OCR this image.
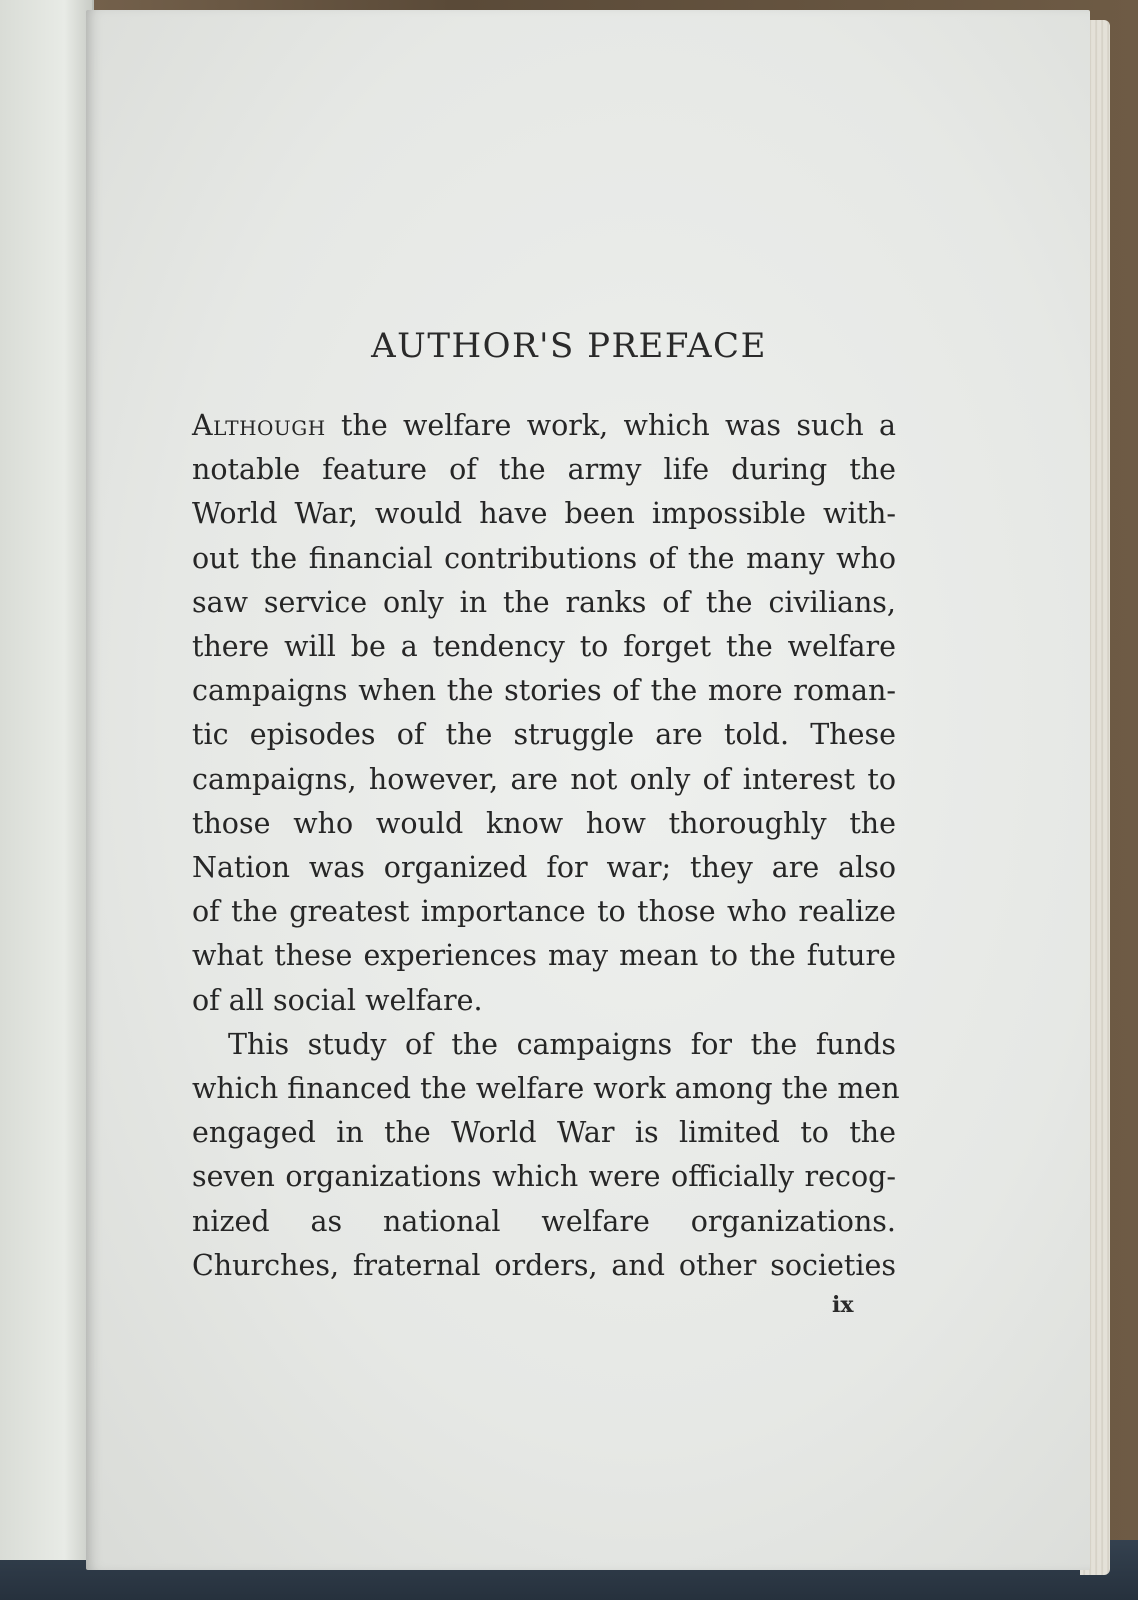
AUTHOR'S PREFACE

Although the welfare work, which was such a
notable feature of the army life during the
World War, would have been impossible with-
out the financial contributions of the many who
saw service only in the ranks of the civilians,
there will be a tendency to forget the welfare
campaigns when the stories of the more roman-
tic episodes of the struggle are told. These
campaigns, however, are not only of interest to
those who would know how thoroughly the
Nation was organized for war; they are also
of the greatest importance to those who realize
what these experiences may mean to the future
of all social welfare.

This study of the campaigns for the funds
which financed the welfare work among the men
engaged in the World War is limited to the
seven organizations which were officially recog-
nized as national welfare organizations.
Churches, fraternal orders, and other societies

ix
